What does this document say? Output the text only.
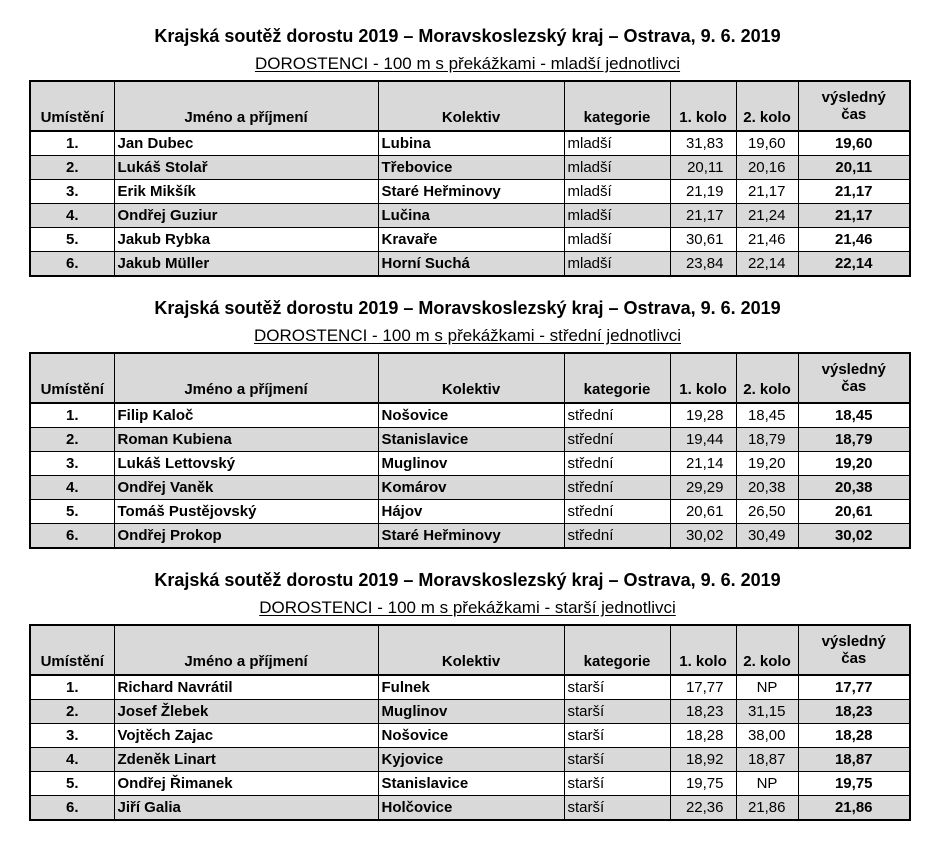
Krajská soutěž dorostu 2019 – Moravskoslezský kraj – Ostrava, 9. 6. 2019
DOROSTENCI - 100 m s překážkami - mladší jednotlivci
Umístění	Jméno a příjmení	Kolektiv	kategorie	1. kolo	2. kolo	výsledný
čas

1.	Jan Dubec	Lubina	mladší	31,83	19,60	19,60
2.	Lukáš Stolař	Třebovice	mladší	20,11	20,16	20,11
3.	Erik Mikšík	Staré Heřminovy	mladší	21,19	21,17	21,17
4.	Ondřej Guziur	Lučina	mladší	21,17	21,24	21,17
5.	Jakub Rybka	Kravaře	mladší	30,61	21,46	21,46
6.	Jakub Müller	Horní Suchá	mladší	23,84	22,14	22,14
Krajská soutěž dorostu 2019 – Moravskoslezský kraj – Ostrava, 9. 6. 2019
DOROSTENCI - 100 m s překážkami - střední jednotlivci
Umístění	Jméno a příjmení	Kolektiv	kategorie	1. kolo	2. kolo	výsledný
čas

1.	Filip Kaloč	Nošovice	střední	19,28	18,45	18,45
2.	Roman Kubiena	Stanislavice	střední	19,44	18,79	18,79
3.	Lukáš Lettovský	Muglinov	střední	21,14	19,20	19,20
4.	Ondřej Vaněk	Komárov	střední	29,29	20,38	20,38
5.	Tomáš Pustějovský	Hájov	střední	20,61	26,50	20,61
6.	Ondřej Prokop	Staré Heřminovy	střední	30,02	30,49	30,02
Krajská soutěž dorostu 2019 – Moravskoslezský kraj – Ostrava, 9. 6. 2019
DOROSTENCI - 100 m s překážkami - starší jednotlivci
Umístění	Jméno a příjmení	Kolektiv	kategorie	1. kolo	2. kolo	výsledný
čas

1.	Richard Navrátil	Fulnek	starší	17,77	NP	17,77
2.	Josef Žlebek	Muglinov	starší	18,23	31,15	18,23
3.	Vojtěch Zajac	Nošovice	starší	18,28	38,00	18,28
4.	Zdeněk Linart	Kyjovice	starší	18,92	18,87	18,87
5.	Ondřej Řimanek	Stanislavice	starší	19,75	NP	19,75
6.	Jiří Galia	Holčovice	starší	22,36	21,86	21,86
